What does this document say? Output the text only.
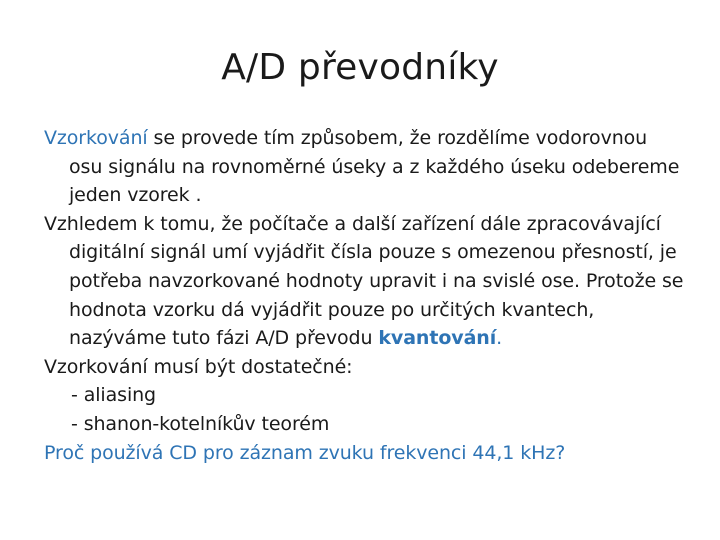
A/D převodníky

Vzorkování se provede tím způsobem, že rozdělíme vodorovnou osu signálu na rovnoměrné úseky a z každého úseku odebereme jeden vzorek .

Vzhledem k tomu, že počítače a další zařízení dále zpracovávající digitální signál umí vyjádřit čísla pouze s omezenou přesností, je potřeba navzorkované hodnoty upravit i na svislé ose. Protože se hodnota vzorku dá vyjádřit pouze po určitých kvantech, nazýváme tuto fázi A/D převodu kvantování.

Vzorkování musí být dostatečné:

- aliasing

- shanon-kotelníkův teorém

Proč používá CD pro záznam zvuku frekvenci 44,1 kHz?
